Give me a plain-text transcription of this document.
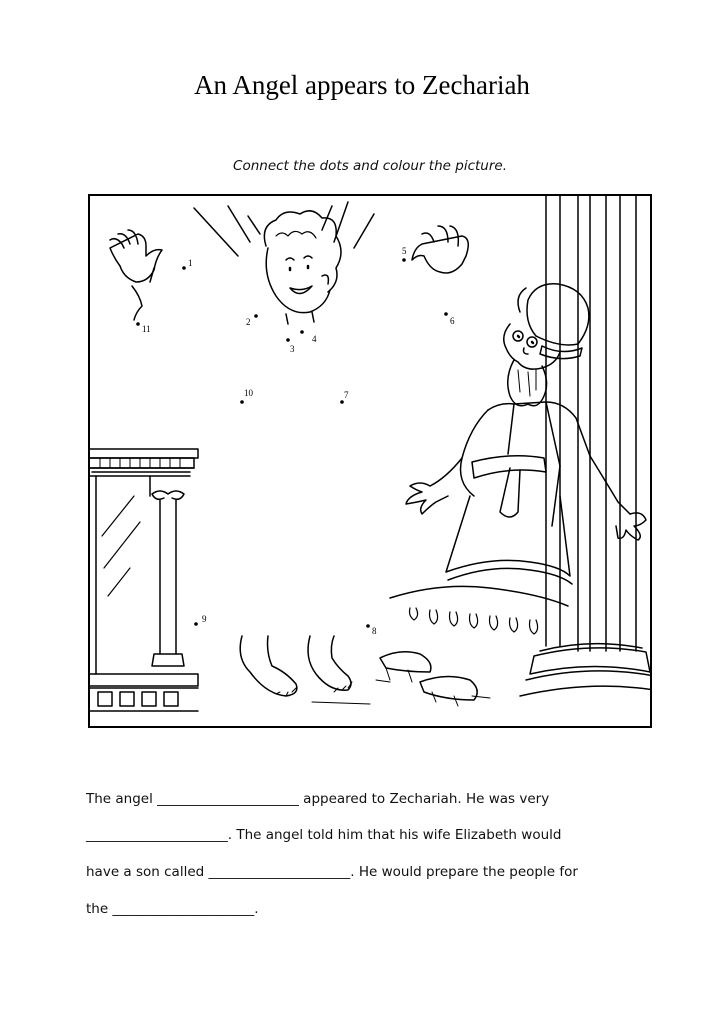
An Angel appears to Zechariah
Connect the dots and colour the picture.
1
2
3
4
5
6
7
8
9
10
11
The angel _____________________ appeared to Zechariah. He was very
_____________________. The angel told him that his wife Elizabeth would
have a son called _____________________. He would prepare the people for
the _____________________.
